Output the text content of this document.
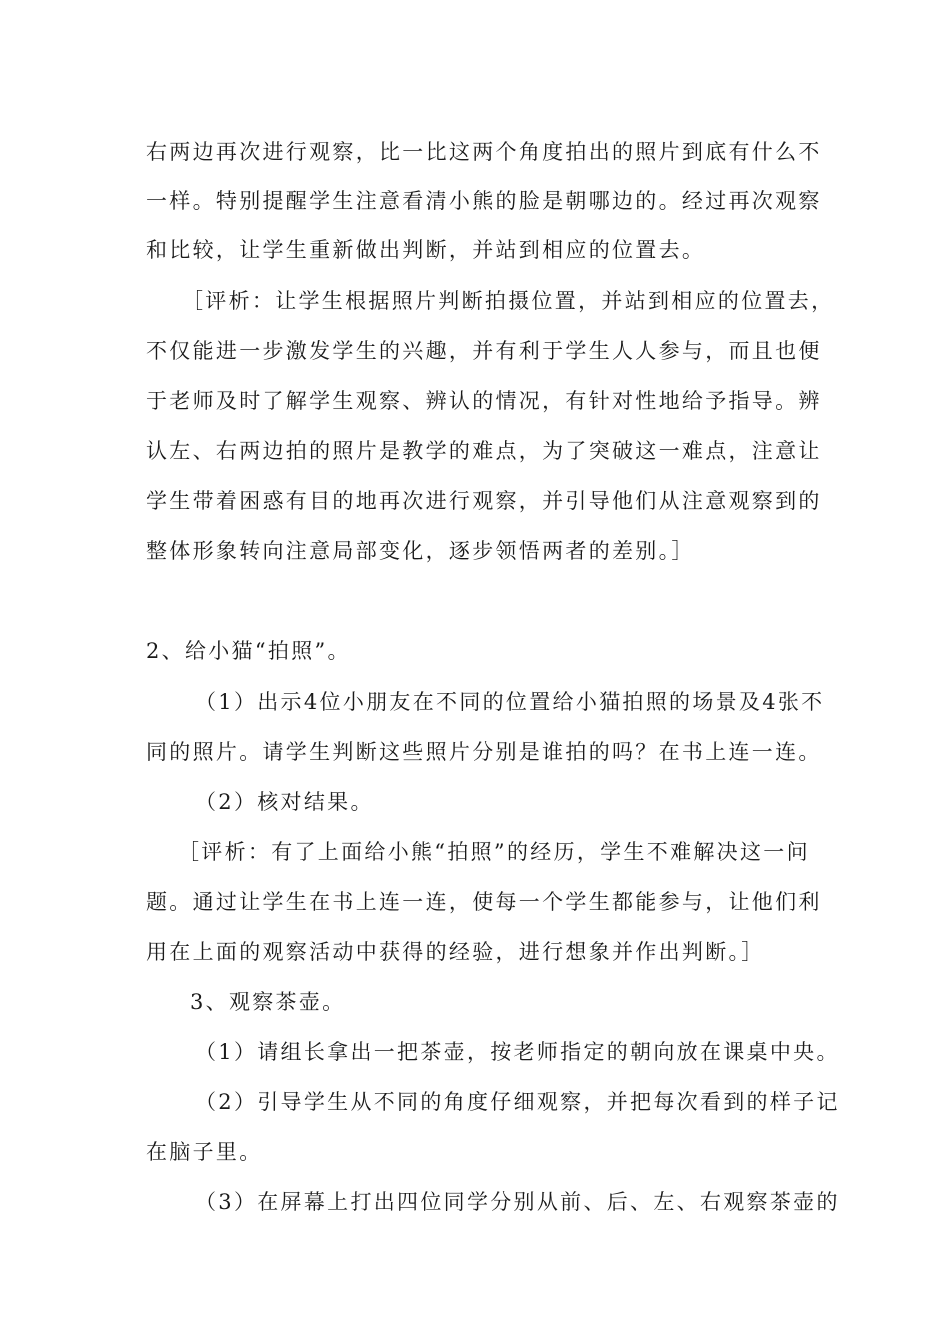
右两边再次进行观察，比一比这两个角度拍出的照片到底有什么不
一样。特别提醒学生注意看清小熊的脸是朝哪边的。经过再次观察
和比较，让学生重新做出判断，并站到相应的位置去。
［评析：让学生根据照片判断拍摄位置，并站到相应的位置去，
不仅能进一步激发学生的兴趣，并有利于学生人人参与，而且也便
于老师及时了解学生观察、辨认的情况，有针对性地给予指导。辨
认左、右两边拍的照片是教学的难点，为了突破这一难点，注意让
学生带着困惑有目的地再次进行观察，并引导他们从注意观察到的
整体形象转向注意局部变化，逐步领悟两者的差别。］
2、给小猫“拍照”。
（1）出示4位小朋友在不同的位置给小猫拍照的场景及4张不
同的照片。请学生判断这些照片分别是谁拍的吗？在书上连一连。
（2）核对结果。
［评析：有了上面给小熊“拍照”的经历，学生不难解决这一问
题。通过让学生在书上连一连，使每一个学生都能参与，让他们利
用在上面的观察活动中获得的经验，进行想象并作出判断。］
3、观察茶壶。
（1）请组长拿出一把茶壶，按老师指定的朝向放在课桌中央。
（2）引导学生从不同的角度仔细观察，并把每次看到的样子记
在脑子里。
（3）在屏幕上打出四位同学分别从前、后、左、右观察茶壶的
